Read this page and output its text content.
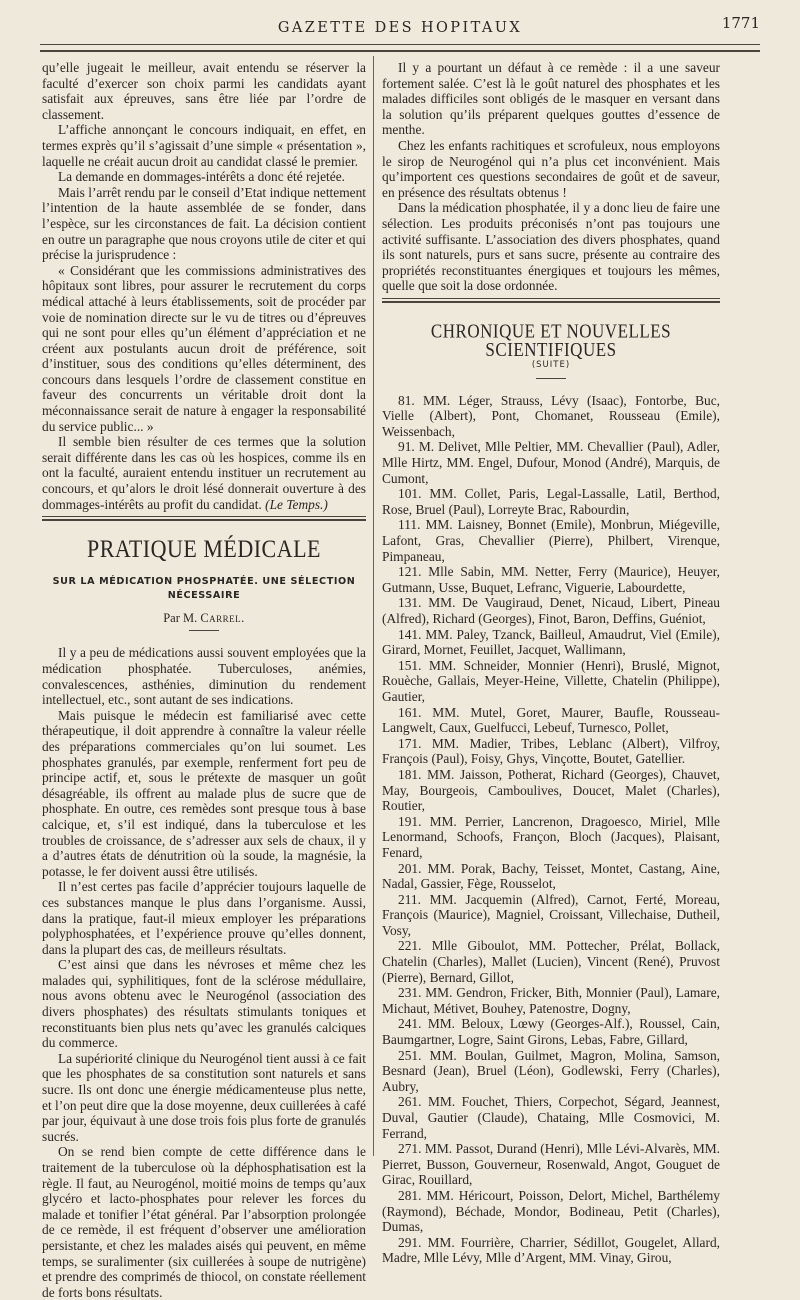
GAZETTE DES HOPITAUX	1771

qu’elle jugeait le meilleur, avait entendu se réserver la faculté d’exercer son choix parmi les candidats ayant satisfait aux épreuves, sans être liée par l’ordre de classement.

L’affiche annonçant le concours indiquait, en effet, en termes exprès qu’il s’agissait d’une simple « présentation », laquelle ne créait aucun droit au candidat classé le premier.

La demande en dommages-intérêts a donc été rejetée.

Mais l’arrêt rendu par le conseil d’Etat indique nettement l’intention de la haute assemblée de se fonder, dans l’espèce, sur les circonstances de fait. La décision contient en outre un paragraphe que nous croyons utile de citer et qui précise la jurisprudence :

« Considérant que les commissions administratives des hôpitaux sont libres, pour assurer le recrutement du corps médical attaché à leurs établissements, soit de procéder par voie de nomination directe sur le vu de titres ou d’épreuves qui ne sont pour elles qu’un élément d’appréciation et ne créent aux postulants aucun droit de préférence, soit d’instituer, sous des conditions qu’elles déterminent, des concours dans lesquels l’ordre de classement constitue en faveur des concurrents un véritable droit dont la méconnaissance serait de nature à engager la responsabilité du service public... »

Il semble bien résulter de ces termes que la solution serait différente dans les cas où les hospices, comme ils en ont la faculté, auraient entendu instituer un recrutement au concours, et qu’alors le droit lésé donnerait ouverture à des dommages-intérêts au profit du candidat. (Le Temps.)

PRATIQUE MÉDICALE
SUR LA MÉDICATION PHOSPHATÉE. UNE SÉLECTION NÉCESSAIRE
Par M. Carrel.

Il y a peu de médications aussi souvent employées que la médication phosphatée. Tuberculoses, anémies, convalescences, asthénies, diminution du rendement intellectuel, etc., sont autant de ses indications.

Mais puisque le médecin est familiarisé avec cette thérapeutique, il doit apprendre à connaître la valeur réelle des préparations commerciales qu’on lui soumet. Les phosphates granulés, par exemple, renferment fort peu de principe actif, et, sous le prétexte de masquer un goût désagréable, ils offrent au malade plus de sucre que de phosphate. En outre, ces remèdes sont presque tous à base calcique, et, s’il est indiqué, dans la tuberculose et les troubles de croissance, de s’adresser aux sels de chaux, il y a d’autres états de dénutrition où la soude, la magnésie, la potasse, le fer doivent aussi être utilisés.

Il n’est certes pas facile d’apprécier toujours laquelle de ces substances manque le plus dans l’organisme. Aussi, dans la pratique, faut-il mieux employer les préparations polyphosphatées, et l’expérience prouve qu’elles donnent, dans la plupart des cas, de meilleurs résultats.

C’est ainsi que dans les névroses et même chez les malades qui, syphilitiques, font de la sclérose médullaire, nous avons obtenu avec le Neurogénol (association des divers phosphates) des résultats stimulants toniques et reconstituants bien plus nets qu’avec les granulés calciques du commerce.

La supériorité clinique du Neurogénol tient aussi à ce fait que les phosphates de sa constitution sont naturels et sans sucre. Ils ont donc une énergie médicamenteuse plus nette, et l’on peut dire que la dose moyenne, deux cuillerées à café par jour, équivaut à une dose trois fois plus forte de granulés sucrés.

On se rend bien compte de cette différence dans le traitement de la tuberculose où la déphosphatisation est la règle. Il faut, au Neurogénol, moitié moins de temps qu’aux glycéro et lacto-phosphates pour relever les forces du malade et tonifier l’état général. Par l’absorption prolongée de ce remède, il est fréquent d’observer une amélioration persistante, et chez les malades aisés qui peuvent, en même temps, se suralimenter (six cuillerées à soupe de nutrigène) et prendre des comprimés de thiocol, on constate réellement de forts bons résultats.

Il y a pourtant un défaut à ce remède : il a une saveur fortement salée. C’est là le goût naturel des phosphates et les malades difficiles sont obligés de le masquer en versant dans la solution qu’ils préparent quelques gouttes d’essence de menthe.

Chez les enfants rachitiques et scrofuleux, nous employons le sirop de Neurogénol qui n’a plus cet inconvénient. Mais qu’importent ces questions secondaires de goût et de saveur, en présence des résultats obtenus !

Dans la médication phosphatée, il y a donc lieu de faire une sélection. Les produits préconisés n’ont pas toujours une activité suffisante. L’association des divers phosphates, quand ils sont naturels, purs et sans sucre, présente au contraire des propriétés reconstituantes énergiques et toujours les mêmes, quelle que soit la dose ordonnée.

CHRONIQUE ET NOUVELLES SCIENTIFIQUES
(SUITE)

81. MM. Léger, Strauss, Lévy (Isaac), Fontorbe, Buc, Vielle (Albert), Pont, Chomanet, Rousseau (Emile), Weissenbach,

91. M. Delivet, Mlle Peltier, MM. Chevallier (Paul), Adler, Mlle Hirtz, MM. Engel, Dufour, Monod (André), Marquis, de Cumont,

101. MM. Collet, Paris, Legal-Lassalle, Latil, Berthod, Rose, Bruel (Paul), Lorreyte Brac, Rabourdin,

111. MM. Laisney, Bonnet (Emile), Monbrun, Miégeville, Lafont, Gras, Chevallier (Pierre), Philbert, Virenque, Pimpaneau,

121. Mlle Sabin, MM. Netter, Ferry (Maurice), Heuyer, Gutmann, Usse, Buquet, Lefranc, Viguerie, Labourdette,

131. MM. De Vaugiraud, Denet, Nicaud, Libert, Pineau (Alfred), Richard (Georges), Finot, Baron, Deffins, Guéniot,

141. MM. Paley, Tzanck, Bailleul, Amaudrut, Viel (Emile), Girard, Mornet, Feuillet, Jacquet, Wallimann,

151. MM. Schneider, Monnier (Henri), Bruslé, Mignot, Rouèche, Gallais, Meyer-Heine, Villette, Chatelin (Philippe), Gautier,

161. MM. Mutel, Goret, Maurer, Baufle, Rousseau-Langwelt, Caux, Guelfucci, Lebeuf, Turnesco, Pollet,

171. MM. Madier, Tribes, Leblanc (Albert), Vilfroy, François (Paul), Foisy, Ghys, Vinçotte, Boutet, Gatellier.

181. MM. Jaisson, Potherat, Richard (Georges), Chauvet, May, Bourgeois, Camboulives, Doucet, Malet (Charles), Routier,

191. MM. Perrier, Lancrenon, Dragoesco, Miriel, Mlle Lenormand, Schoofs, Françon, Bloch (Jacques), Plaisant, Fenard,

201. MM. Porak, Bachy, Teisset, Montet, Castang, Aine, Nadal, Gassier, Fège, Rousselot,

211. MM. Jacquemin (Alfred), Carnot, Ferté, Moreau, François (Maurice), Magniel, Croissant, Villechaise, Dutheil, Vosy,

221. Mlle Giboulot, MM. Pottecher, Prélat, Bollack, Chatelin (Charles), Mallet (Lucien), Vincent (René), Pruvost (Pierre), Bernard, Gillot,

231. MM. Gendron, Fricker, Bith, Monnier (Paul), Lamare, Michaut, Métivet, Bouhey, Patenostre, Dogny,

241. MM. Beloux, Lœwy (Georges-Alf.), Roussel, Cain, Baumgartner, Logre, Saint Girons, Lebas, Fabre, Gillard,

251. MM. Boulan, Guilmet, Magron, Molina, Samson, Besnard (Jean), Bruel (Léon), Godlewski, Ferry (Charles), Aubry,

261. MM. Fouchet, Thiers, Corpechot, Ségard, Jeannest, Duval, Gautier (Claude), Chataing, Mlle Cosmovici, M. Ferrand,

271. MM. Passot, Durand (Henri), Mlle Lévi-Alvarès, MM. Pierret, Busson, Gouverneur, Rosenwald, Angot, Gouguet de Girac, Rouillard,

281. MM. Héricourt, Poisson, Delort, Michel, Barthélemy (Raymond), Béchade, Mondor, Bodineau, Petit (Charles), Dumas,

291. MM. Fourrière, Charrier, Sédillot, Gougelet, Allard, Madre, Mlle Lévy, Mlle d’Argent, MM. Vinay, Girou,
